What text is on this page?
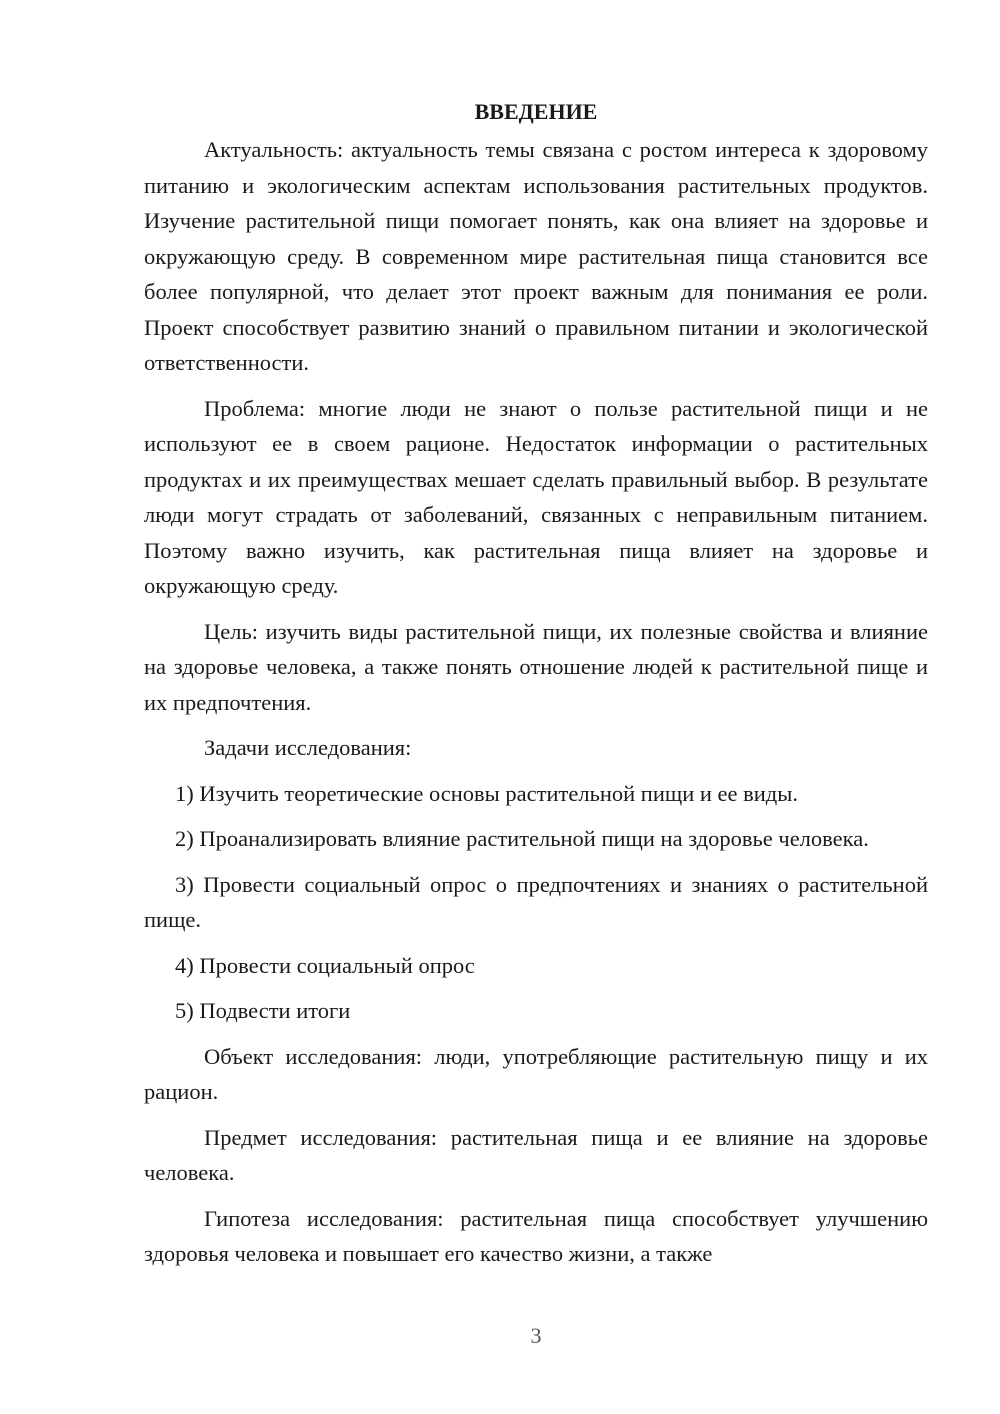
ВВЕДЕНИЕ

Актуальность: актуальность темы связана с ростом интереса к здоровому питанию и экологическим аспектам использования растительных продуктов. Изучение растительной пищи помогает понять, как она влияет на здоровье и окружающую среду. В современном мире растительная пища становится все более популярной, что делает этот проект важным для понимания ее роли. Проект способствует развитию знаний о правильном питании и экологической ответственности.

Проблема: многие люди не знают о пользе растительной пищи и не используют ее в своем рационе. Недостаток информации о растительных продуктах и их преимуществах мешает сделать правильный выбор. В результате люди могут страдать от заболеваний, связанных с неправильным питанием. Поэтому важно изучить, как растительная пища влияет на здоровье и окружающую среду.

Цель: изучить виды растительной пищи, их полезные свойства и влияние на здоровье человека, а также понять отношение людей к растительной пище и их предпочтения.

Задачи исследования:

1) Изучить теоретические основы растительной пищи и ее виды.

2) Проанализировать влияние растительной пищи на здоровье человека.

3) Провести социальный опрос о предпочтениях и знаниях о растительной пище.

4) Провести социальный опрос

5) Подвести итоги

Объект исследования: люди, употребляющие растительную пищу и их рацион.

Предмет исследования: растительная пища и ее влияние на здоровье человека.

Гипотеза исследования: растительная пища способствует улучшению здоровья человека и повышает его качество жизни, а также

3
